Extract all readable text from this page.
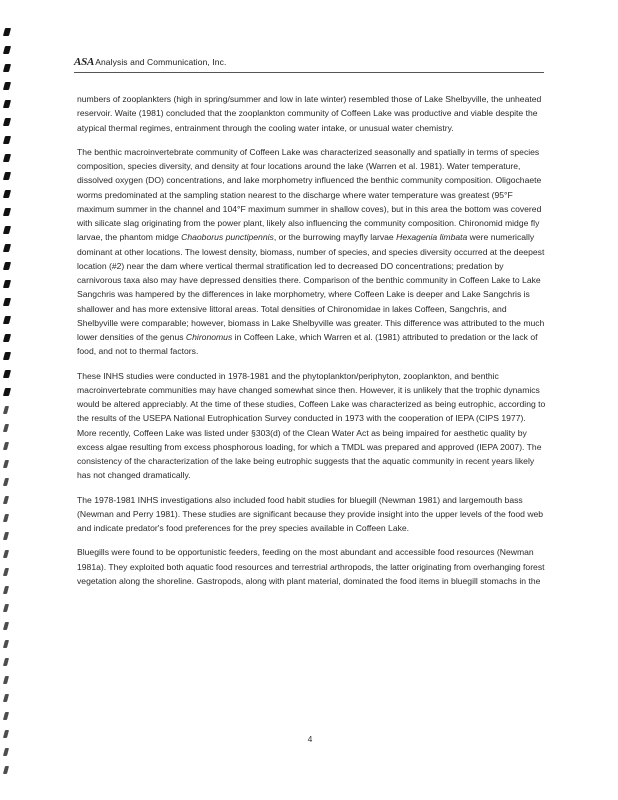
ASAAnalysis and Communication, Inc.

numbers of zooplankters (high in spring/summer and low in late winter) resembled those of Lake Shelbyville, the unheated reservoir. Waite (1981) concluded that the zooplankton community of Coffeen Lake was productive and viable despite the atypical thermal regimes, entrainment through the cooling water intake, or unusual water chemistry.

The benthic macroinvertebrate community of Coffeen Lake was characterized seasonally and spatially in terms of species composition, species diversity, and density at four locations around the lake (Warren et al. 1981). Water temperature, dissolved oxygen (DO) concentrations, and lake morphometry influenced the benthic community composition. Oligochaete worms predominated at the sampling station nearest to the discharge where water temperature was greatest (95°F maximum summer in the channel and 104°F maximum summer in shallow coves), but in this area the bottom was covered with silicate slag originating from the power plant, likely also influencing the community composition. Chironomid midge fly larvae, the phantom midge Chaoborus punctipennis, or the burrowing mayfly larvae Hexagenia limbata were numerically dominant at other locations. The lowest density, biomass, number of species, and species diversity occurred at the deepest location (#2) near the dam where vertical thermal stratification led to decreased DO concentrations; predation by carnivorous taxa also may have depressed densities there. Comparison of the benthic community in Coffeen Lake to Lake Sangchris was hampered by the differences in lake morphometry, where Coffeen Lake is deeper and Lake Sangchris is shallower and has more extensive littoral areas. Total densities of Chironomidae in lakes Coffeen, Sangchris, and Shelbyville were comparable; however, biomass in Lake Shelbyville was greater. This difference was attributed to the much lower densities of the genus Chironomus in Coffeen Lake, which Warren et al. (1981) attributed to predation or the lack of food, and not to thermal factors.

These INHS studies were conducted in 1978-1981 and the phytoplankton/periphyton, zooplankton, and benthic macroinvertebrate communities may have changed somewhat since then. However, it is unlikely that the trophic dynamics would be altered appreciably. At the time of these studies, Coffeen Lake was characterized as being eutrophic, according to the results of the USEPA National Eutrophication Survey conducted in 1973 with the cooperation of IEPA (CIPS 1977). More recently, Coffeen Lake was listed under §303(d) of the Clean Water Act as being impaired for aesthetic quality by excess algae resulting from excess phosphorous loading, for which a TMDL was prepared and approved (IEPA 2007). The consistency of the characterization of the lake being eutrophic suggests that the aquatic community in recent years likely has not changed dramatically.

The 1978-1981 INHS investigations also included food habit studies for bluegill (Newman 1981) and largemouth bass (Newman and Perry 1981). These studies are significant because they provide insight into the upper levels of the food web and indicate predator's food preferences for the prey species available in Coffeen Lake.

Bluegills were found to be opportunistic feeders, feeding on the most abundant and accessible food resources (Newman 1981a). They exploited both aquatic food resources and terrestrial arthropods, the latter originating from overhanging forest vegetation along the shoreline. Gastropods, along with plant material, dominated the food items in bluegill stomachs in the

4
